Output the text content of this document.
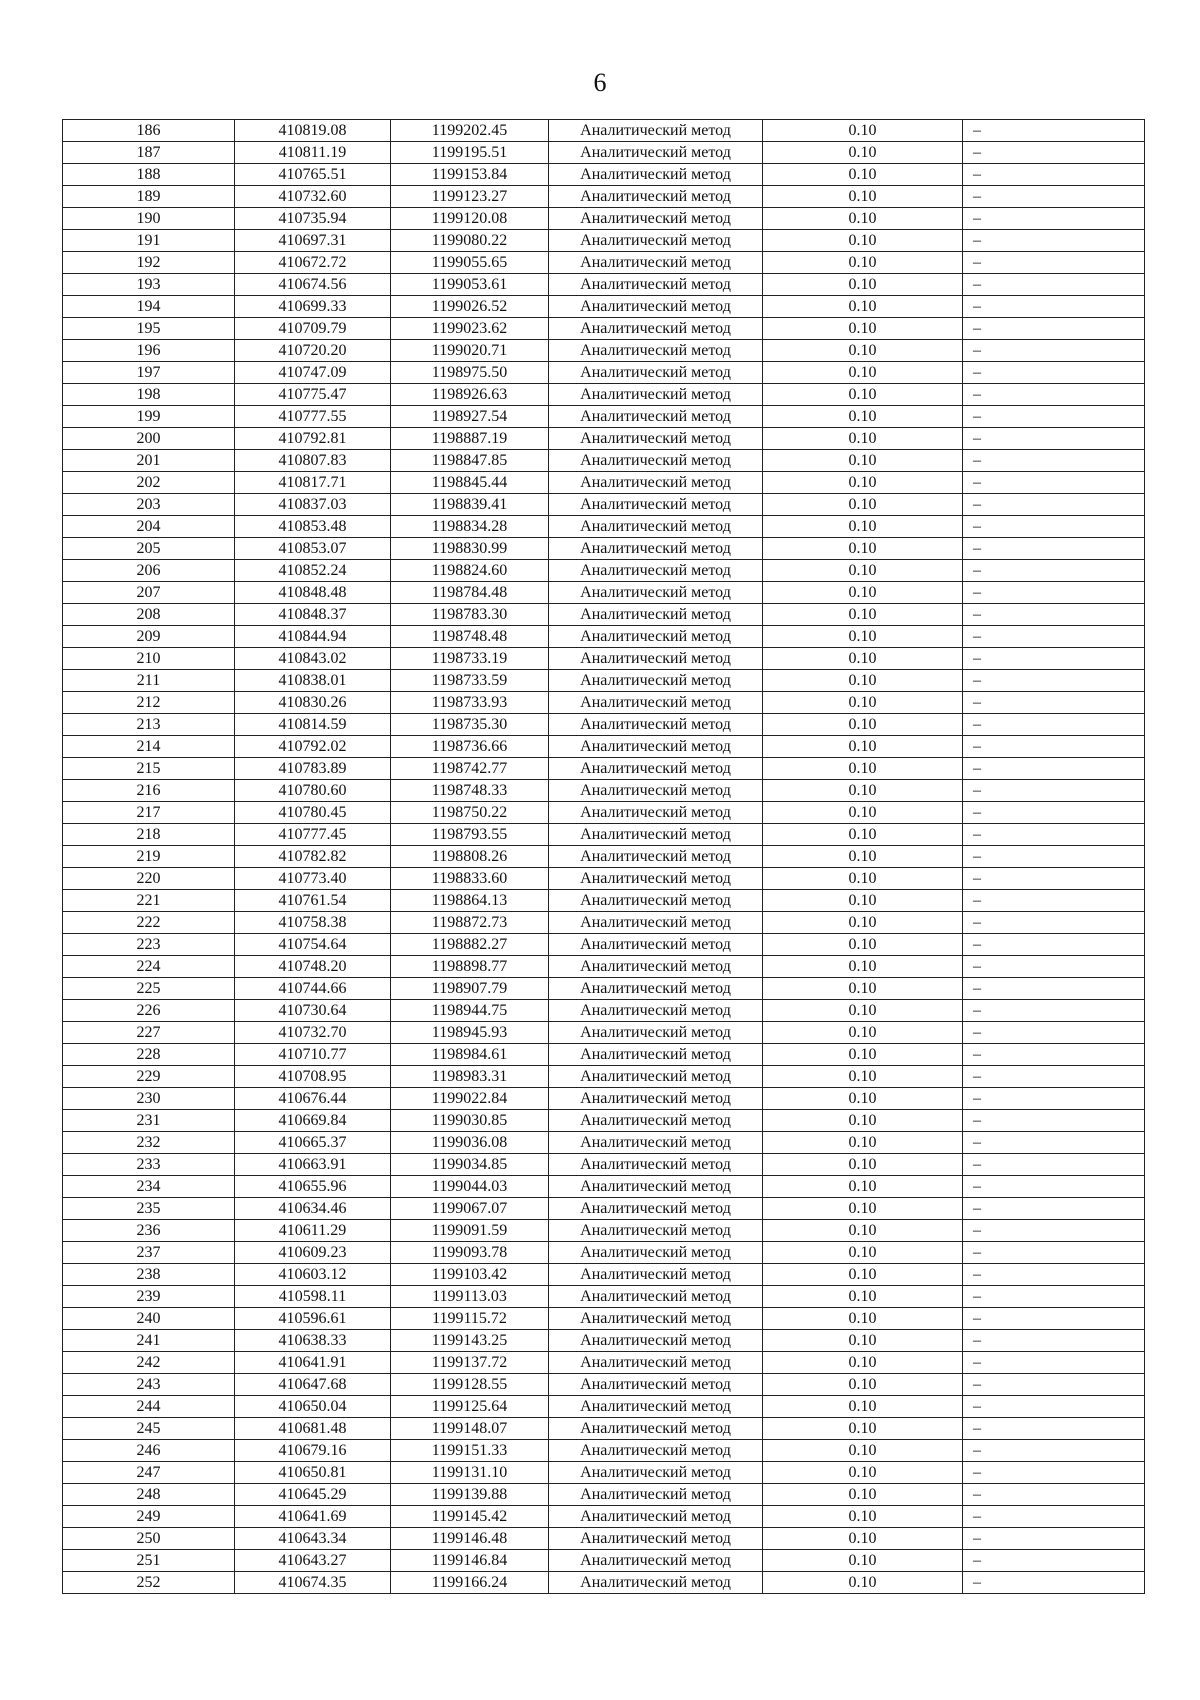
6
186	410819.08	1199202.45	Аналитический метод	0.10	–
187	410811.19	1199195.51	Аналитический метод	0.10	–
188	410765.51	1199153.84	Аналитический метод	0.10	–
189	410732.60	1199123.27	Аналитический метод	0.10	–
190	410735.94	1199120.08	Аналитический метод	0.10	–
191	410697.31	1199080.22	Аналитический метод	0.10	–
192	410672.72	1199055.65	Аналитический метод	0.10	–
193	410674.56	1199053.61	Аналитический метод	0.10	–
194	410699.33	1199026.52	Аналитический метод	0.10	–
195	410709.79	1199023.62	Аналитический метод	0.10	–
196	410720.20	1199020.71	Аналитический метод	0.10	–
197	410747.09	1198975.50	Аналитический метод	0.10	–
198	410775.47	1198926.63	Аналитический метод	0.10	–
199	410777.55	1198927.54	Аналитический метод	0.10	–
200	410792.81	1198887.19	Аналитический метод	0.10	–
201	410807.83	1198847.85	Аналитический метод	0.10	–
202	410817.71	1198845.44	Аналитический метод	0.10	–
203	410837.03	1198839.41	Аналитический метод	0.10	–
204	410853.48	1198834.28	Аналитический метод	0.10	–
205	410853.07	1198830.99	Аналитический метод	0.10	–
206	410852.24	1198824.60	Аналитический метод	0.10	–
207	410848.48	1198784.48	Аналитический метод	0.10	–
208	410848.37	1198783.30	Аналитический метод	0.10	–
209	410844.94	1198748.48	Аналитический метод	0.10	–
210	410843.02	1198733.19	Аналитический метод	0.10	–
211	410838.01	1198733.59	Аналитический метод	0.10	–
212	410830.26	1198733.93	Аналитический метод	0.10	–
213	410814.59	1198735.30	Аналитический метод	0.10	–
214	410792.02	1198736.66	Аналитический метод	0.10	–
215	410783.89	1198742.77	Аналитический метод	0.10	–
216	410780.60	1198748.33	Аналитический метод	0.10	–
217	410780.45	1198750.22	Аналитический метод	0.10	–
218	410777.45	1198793.55	Аналитический метод	0.10	–
219	410782.82	1198808.26	Аналитический метод	0.10	–
220	410773.40	1198833.60	Аналитический метод	0.10	–
221	410761.54	1198864.13	Аналитический метод	0.10	–
222	410758.38	1198872.73	Аналитический метод	0.10	–
223	410754.64	1198882.27	Аналитический метод	0.10	–
224	410748.20	1198898.77	Аналитический метод	0.10	–
225	410744.66	1198907.79	Аналитический метод	0.10	–
226	410730.64	1198944.75	Аналитический метод	0.10	–
227	410732.70	1198945.93	Аналитический метод	0.10	–
228	410710.77	1198984.61	Аналитический метод	0.10	–
229	410708.95	1198983.31	Аналитический метод	0.10	–
230	410676.44	1199022.84	Аналитический метод	0.10	–
231	410669.84	1199030.85	Аналитический метод	0.10	–
232	410665.37	1199036.08	Аналитический метод	0.10	–
233	410663.91	1199034.85	Аналитический метод	0.10	–
234	410655.96	1199044.03	Аналитический метод	0.10	–
235	410634.46	1199067.07	Аналитический метод	0.10	–
236	410611.29	1199091.59	Аналитический метод	0.10	–
237	410609.23	1199093.78	Аналитический метод	0.10	–
238	410603.12	1199103.42	Аналитический метод	0.10	–
239	410598.11	1199113.03	Аналитический метод	0.10	–
240	410596.61	1199115.72	Аналитический метод	0.10	–
241	410638.33	1199143.25	Аналитический метод	0.10	–
242	410641.91	1199137.72	Аналитический метод	0.10	–
243	410647.68	1199128.55	Аналитический метод	0.10	–
244	410650.04	1199125.64	Аналитический метод	0.10	–
245	410681.48	1199148.07	Аналитический метод	0.10	–
246	410679.16	1199151.33	Аналитический метод	0.10	–
247	410650.81	1199131.10	Аналитический метод	0.10	–
248	410645.29	1199139.88	Аналитический метод	0.10	–
249	410641.69	1199145.42	Аналитический метод	0.10	–
250	410643.34	1199146.48	Аналитический метод	0.10	–
251	410643.27	1199146.84	Аналитический метод	0.10	–
252	410674.35	1199166.24	Аналитический метод	0.10	–
